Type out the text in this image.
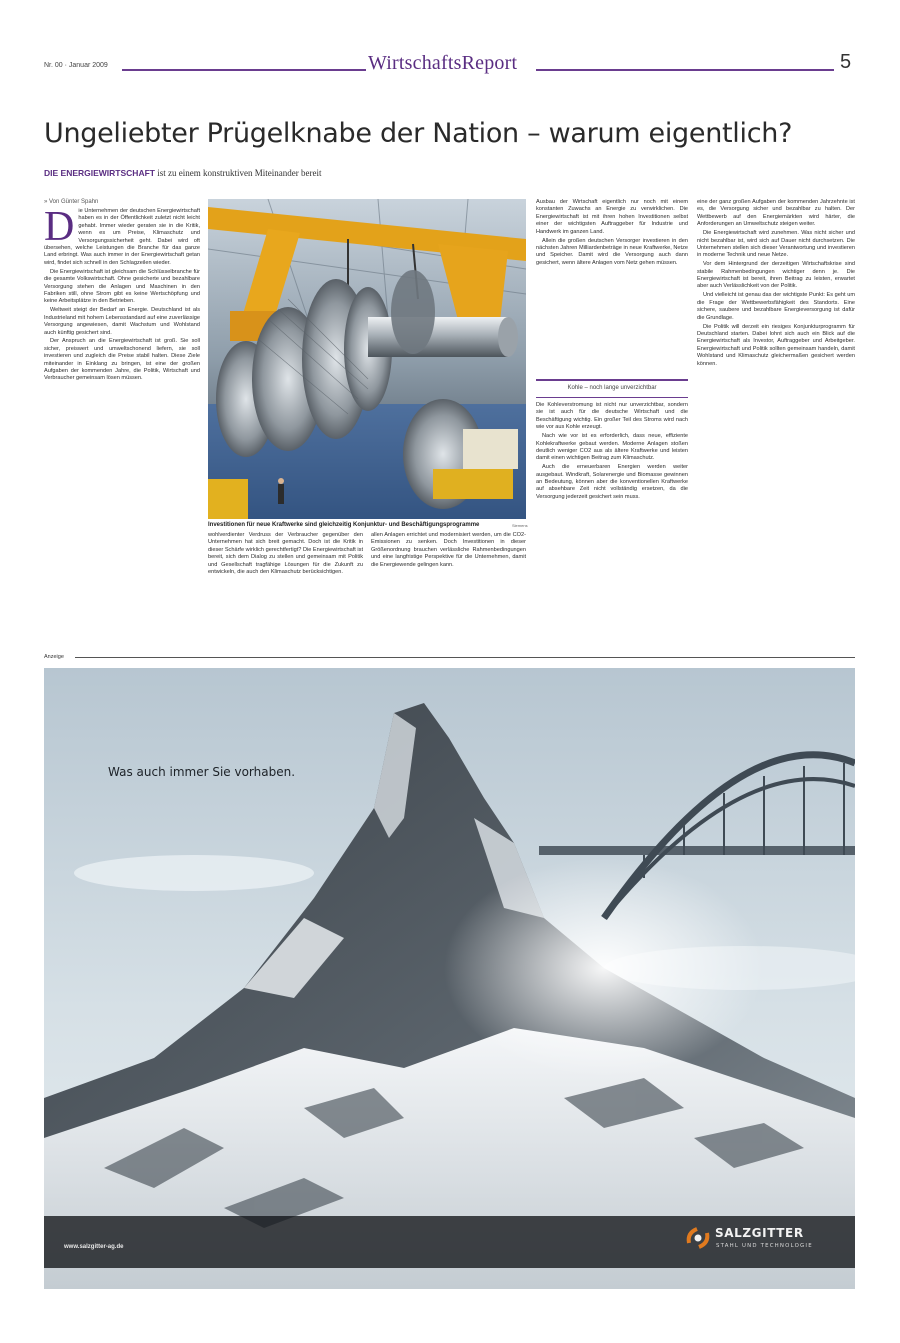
Nr. 00 · Januar 2009	WirtschaftsReport	5
Ungeliebter Prügelknabe der Nation – warum eigentlich?
DIE ENERGIEWIRTSCHAFT ist zu einem konstruktiven Miteinander bereit
» Von Günter Spahn
D ie Unternehmen der deutschen Energiewirtschaft haben es in der Öffentlichkeit zuletzt nicht leicht gehabt. Immer wieder geraten sie in die Kritik, wenn es um Preise, Klimaschutz und Versorgungssicherheit geht. Dabei wird oft übersehen, welche Leistungen die Branche für das ganze Land erbringt. Was auch immer in der Energiewirtschaft getan wird, findet sich schnell in den Schlagzeilen wieder.

Die Energiewirtschaft ist gleichsam die Schlüsselbranche für die gesamte Volkswirtschaft. Ohne gesicherte und bezahlbare Versorgung stehen die Anlagen und Maschinen in den Fabriken still, ohne Strom gibt es keine Wertschöpfung und keine Arbeitsplätze in den Betrieben.

Weltweit steigt der Bedarf an Energie. Deutschland ist als Industrieland mit hohem Lebensstandard auf eine zuverlässige Versorgung angewiesen, damit Wachstum und Wohlstand auch künftig gesichert sind.

Der Anspruch an die Energiewirtschaft ist groß. Sie soll sicher, preiswert und umweltschonend liefern, sie soll investieren und zugleich die Preise stabil halten. Diese Ziele miteinander in Einklang zu bringen, ist eine der großen Aufgaben der kommenden Jahre, die Politik, Wirtschaft und Verbraucher gemeinsam lösen müssen.

Investitionen für neue Kraftwerke sind gleichzeitig Konjunktur- und Beschäftigungsprogramme	Siemens

wohlverdienter Verdruss der Verbraucher gegenüber den Unternehmen hat sich breit gemacht. Doch ist die Kritik in dieser Schärfe wirklich gerechtfertigt? Die Energiewirtschaft ist bereit, sich dem Dialog zu stellen und gemeinsam mit Politik und Gesellschaft tragfähige Lösungen für die Zukunft zu entwickeln, die auch den Klimaschutz berücksichtigen.

allen Anlagen errichtet und modernisiert werden, um die CO2-Emissionen zu senken. Doch Investitionen in dieser Größenordnung brauchen verlässliche Rahmenbedingungen und eine langfristige Perspektive für die Unternehmen, damit die Energiewende gelingen kann.

Ausbau der Wirtschaft eigentlich nur noch mit einem konstanten Zuwachs an Energie zu verwirklichen. Die Energiewirtschaft ist mit ihren hohen Investitionen selbst einer der wichtigsten Auftraggeber für Industrie und Handwerk im ganzen Land.

Allein die großen deutschen Versorger investieren in den nächsten Jahren Milliardenbeträge in neue Kraftwerke, Netze und Speicher. Damit wird die Versorgung auch dann gesichert, wenn ältere Anlagen vom Netz gehen müssen.

Kohle – noch lange unverzichtbar

Die Kohleverstromung ist nicht nur unverzichtbar, sondern sie ist auch für die deutsche Wirtschaft und die Beschäftigung wichtig. Ein großer Teil des Stroms wird nach wie vor aus Kohle erzeugt.

Nach wie vor ist es erforderlich, dass neue, effiziente Kohlekraftwerke gebaut werden. Moderne Anlagen stoßen deutlich weniger CO2 aus als ältere Kraftwerke und leisten damit einen wichtigen Beitrag zum Klimaschutz.

Auch die erneuerbaren Energien werden weiter ausgebaut. Windkraft, Solarenergie und Biomasse gewinnen an Bedeutung, können aber die konventionellen Kraftwerke auf absehbare Zeit nicht vollständig ersetzen, da die Versorgung jederzeit gesichert sein muss.

eine der ganz großen Aufgaben der kommenden Jahrzehnte ist es, die Versorgung sicher und bezahlbar zu halten. Der Wettbewerb auf den Energiemärkten wird härter, die Anforderungen an Umweltschutz steigen weiter.

Die Energiewirtschaft wird zunehmen. Was nicht sicher und nicht bezahlbar ist, wird sich auf Dauer nicht durchsetzen. Die Unternehmen stellen sich dieser Verantwortung und investieren in moderne Technik und neue Netze.

Vor dem Hintergrund der derzeitigen Wirtschaftskrise sind stabile Rahmenbedingungen wichtiger denn je. Die Energiewirtschaft ist bereit, ihren Beitrag zu leisten, erwartet aber auch Verlässlichkeit von der Politik.

Und vielleicht ist genau das der wichtigste Punkt: Es geht um die Frage der Wettbewerbsfähigkeit des Standorts. Eine sichere, saubere und bezahlbare Energieversorgung ist dafür die Grundlage.

Die Politik will derzeit ein riesiges Konjunkturprogramm für Deutschland starten. Dabei lohnt sich auch ein Blick auf die Energiewirtschaft als Investor, Auftraggeber und Arbeitgeber. Energiewirtschaft und Politik sollten gemeinsam handeln, damit Wohlstand und Klimaschutz gleichermaßen gesichert werden können.

Anzeige
Was auch immer Sie vorhaben.
www.salzgitter-ag.de
SALZGITTER
STAHL UND TECHNOLOGIE
